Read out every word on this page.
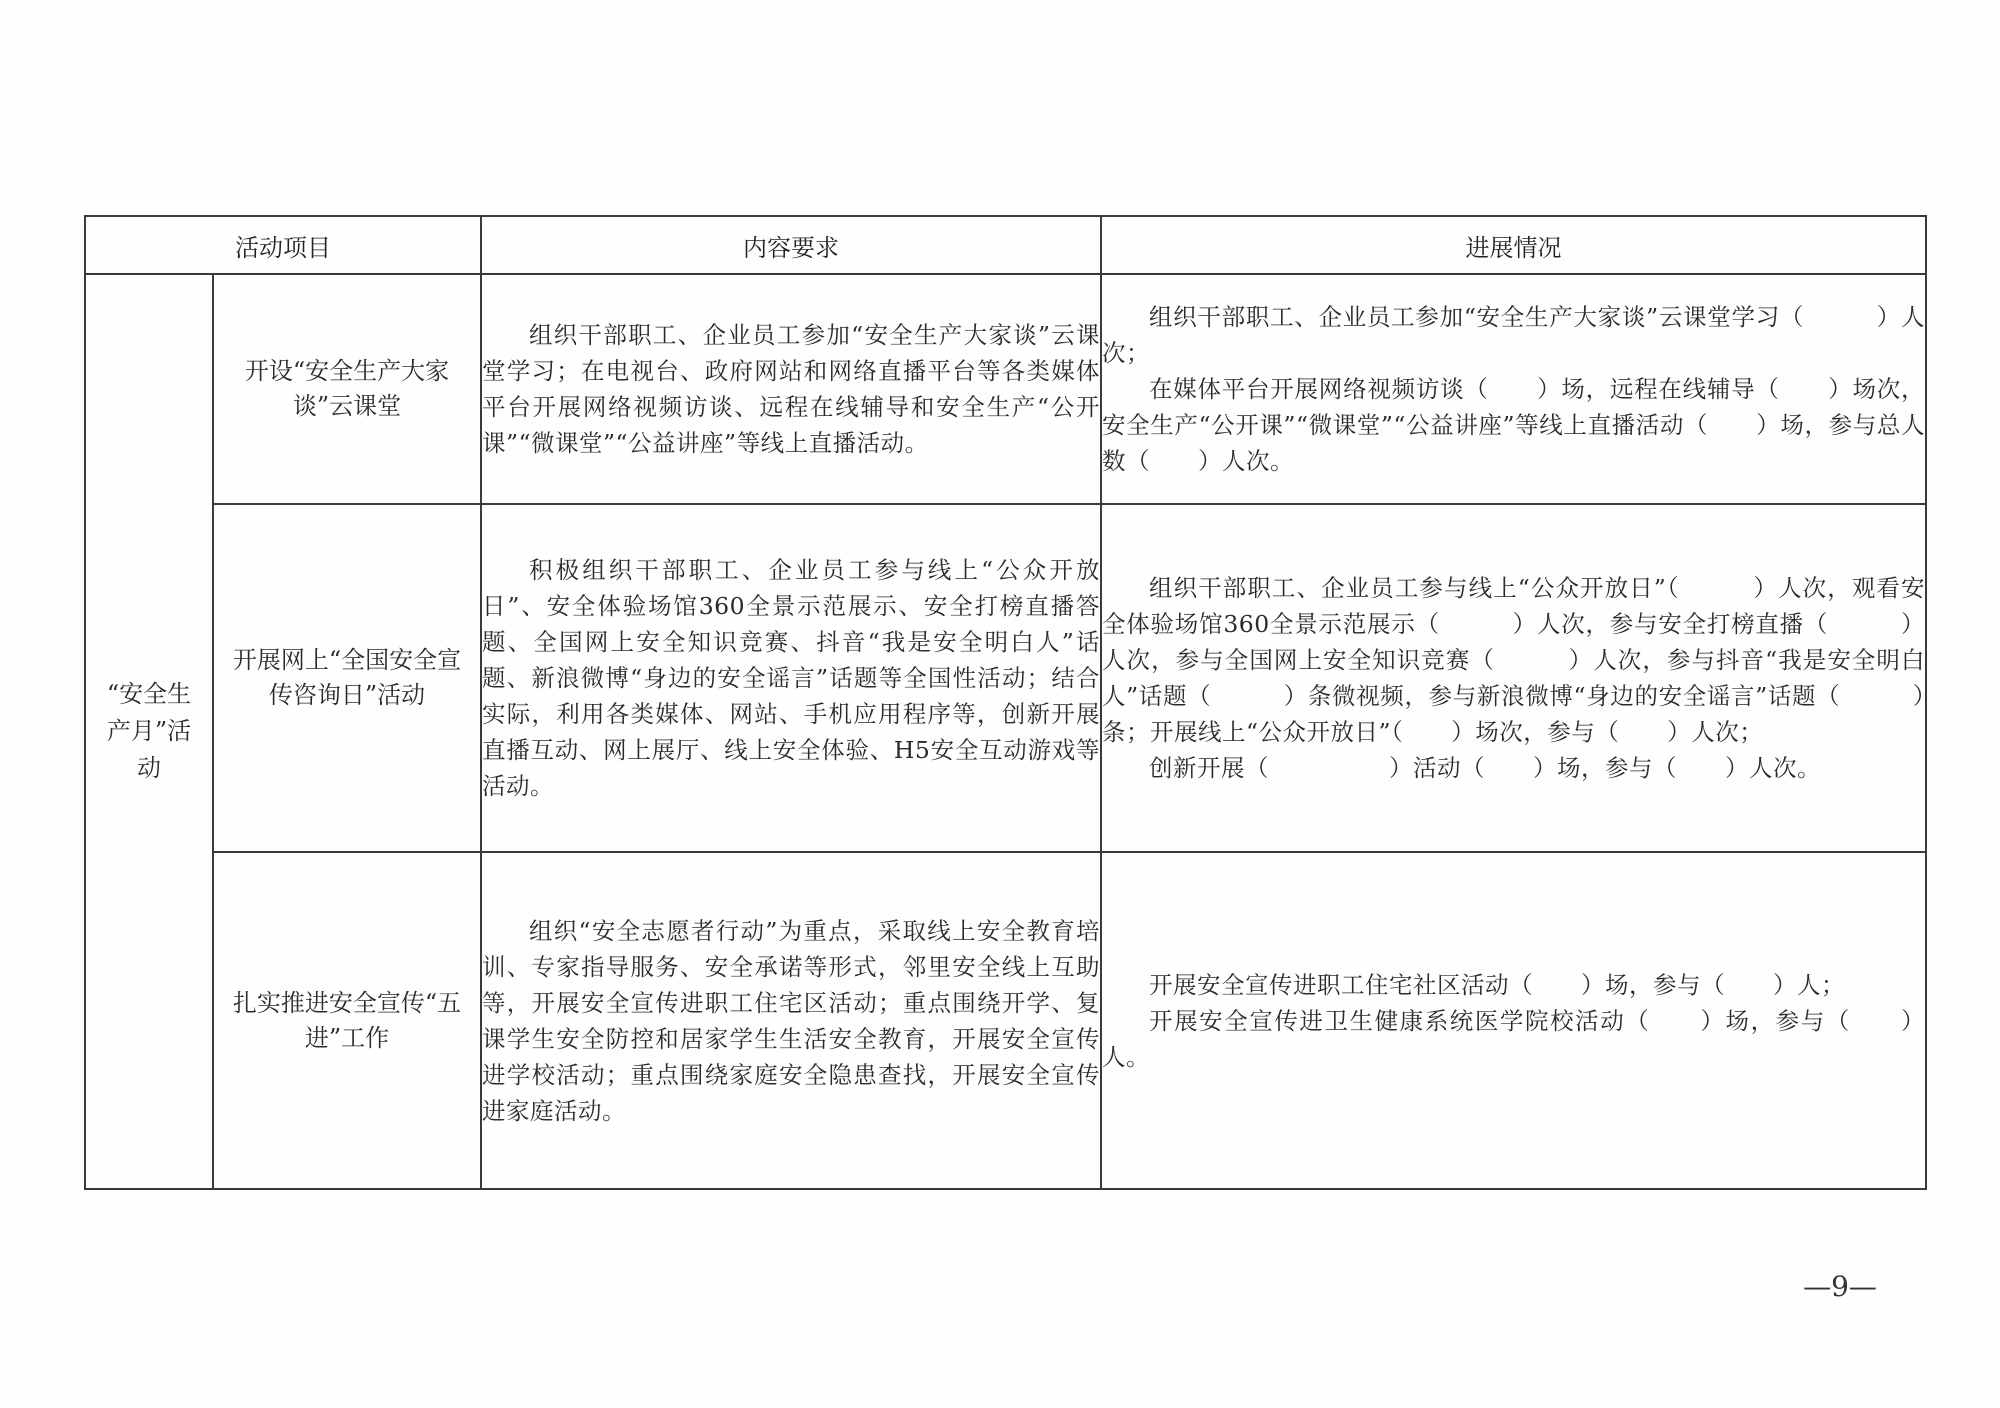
活动项目		内容要求	进展情况

“安全生产月”活动	开设“安全生产大家谈”云课堂	组织干部职工、企业员工参加“安全生产大家谈”云课堂学习；在电视台、政府网站和网络直播平台等各类媒体平台开展网络视频访谈、远程在线辅导和安全生产“公开课”“微课堂”“公益讲座”等线上直播活动。	组织干部职工、企业员工参加“安全生产大家谈”云课堂学习（　　　）人次；

在媒体平台开展网络视频访谈（　　）场，远程在线辅导（　　）场次，安全生产“公开课”“微课堂”“公益讲座”等线上直播活动（　　）场，参与总人数（　　）人次。

	开展网上“全国安全宣传咨询日”活动	积极组织干部职工、企业员工参与线上“公众开放日”、安全体验场馆360全景示范展示、安全打榜直播答题、全国网上安全知识竞赛、抖音“我是安全明白人”话题、新浪微博“身边的安全谣言”话题等全国性活动；结合实际，利用各类媒体、网站、手机应用程序等，创新开展直播互动、网上展厅、线上安全体验、H5安全互动游戏等活动。	组织干部职工、企业员工参与线上“公众开放日”（　　　）人次，观看安全体验场馆360全景示范展示（　　　）人次，参与安全打榜直播（　　　）人次，参与全国网上安全知识竞赛（　　　）人次，参与抖音“我是安全明白人”话题（　　　）条微视频，参与新浪微博“身边的安全谣言”话题（　　　）条；开展线上“公众开放日”（　　）场次，参与（　　）人次；

创新开展（　　　　　）活动（　　）场，参与（　　）人次。

	扎实推进安全宣传“五进”工作	组织“安全志愿者行动”为重点，采取线上安全教育培训、专家指导服务、安全承诺等形式，邻里安全线上互助等，开展安全宣传进职工住宅区活动；重点围绕开学、复课学生安全防控和居家学生生活安全教育，开展安全宣传进学校活动；重点围绕家庭安全隐患查找，开展安全宣传进家庭活动。	开展安全宣传进职工住宅社区活动（　　）场，参与（　　）人；

开展安全宣传进卫生健康系统医学院校活动（　　）场，参与（　　）人。

—9—
